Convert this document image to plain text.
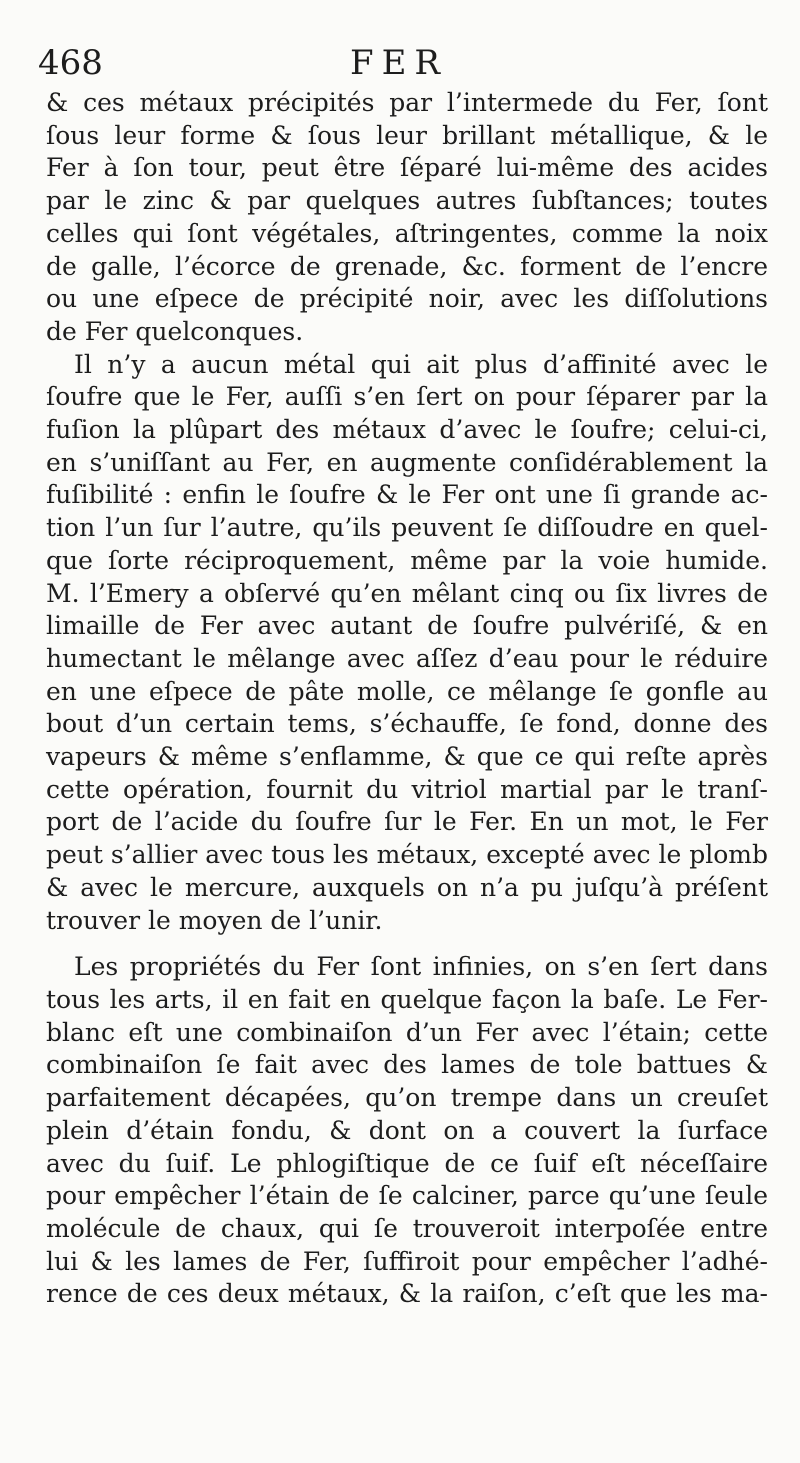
468	FER
& ces métaux précipités par l’intermede du Fer, ſont
ſous leur forme & ſous leur brillant métallique, & le
Fer à ſon tour, peut être ſéparé lui-même des acides
par le zinc & par quelques autres ſubſtances; toutes
celles qui ſont végétales, aſtringentes, comme la noix
de galle, l’écorce de grenade, &c. forment de l’encre
ou une eſpece de précipité noir, avec les diſſolutions
de Fer quelconques.
Il n’y a aucun métal qui ait plus d’affinité avec le
ſoufre que le Fer, auſſi s’en ſert on pour ſéparer par la
fuſion la plûpart des métaux d’avec le ſoufre; celui-ci,
en s’uniſſant au Fer, en augmente conſidérablement la
fuſibilité : enfin le ſoufre & le Fer ont une ſi grande ac-
tion l’un ſur l’autre, qu’ils peuvent ſe diſſoudre en quel-
que ſorte réciproquement, même par la voie humide.
M. l’Emery a obſervé qu’en mêlant cinq ou ſix livres de
limaille de Fer avec autant de ſoufre pulvériſé, & en
humectant le mêlange avec aſſez d’eau pour le réduire
en une eſpece de pâte molle, ce mêlange ſe gonfle au
bout d’un certain tems, s’échauffe, ſe fond, donne des
vapeurs & même s’enflamme, & que ce qui reſte après
cette opération, fournit du vitriol martial par le tranſ-
port de l’acide du ſoufre ſur le Fer. En un mot, le Fer
peut s’allier avec tous les métaux, excepté avec le plomb
& avec le mercure, auxquels on n’a pu juſqu’à préſent
trouver le moyen de l’unir.
Les propriétés du Fer ſont infinies, on s’en ſert dans
tous les arts, il en fait en quelque façon la baſe. Le Fer-
blanc eſt une combinaiſon d’un Fer avec l’étain; cette
combinaiſon ſe fait avec des lames de tole battues &
parfaitement décapées, qu’on trempe dans un creuſet
plein d’étain fondu, & dont on a couvert la ſurface
avec du ſuif. Le phlogiſtique de ce ſuif eſt néceſſaire
pour empêcher l’étain de ſe calciner, parce qu’une ſeule
molécule de chaux, qui ſe trouveroit interpoſée entre
lui & les lames de Fer, ſuffiroit pour empêcher l’adhé-
rence de ces deux métaux, & la raiſon, c’eſt que les ma-
